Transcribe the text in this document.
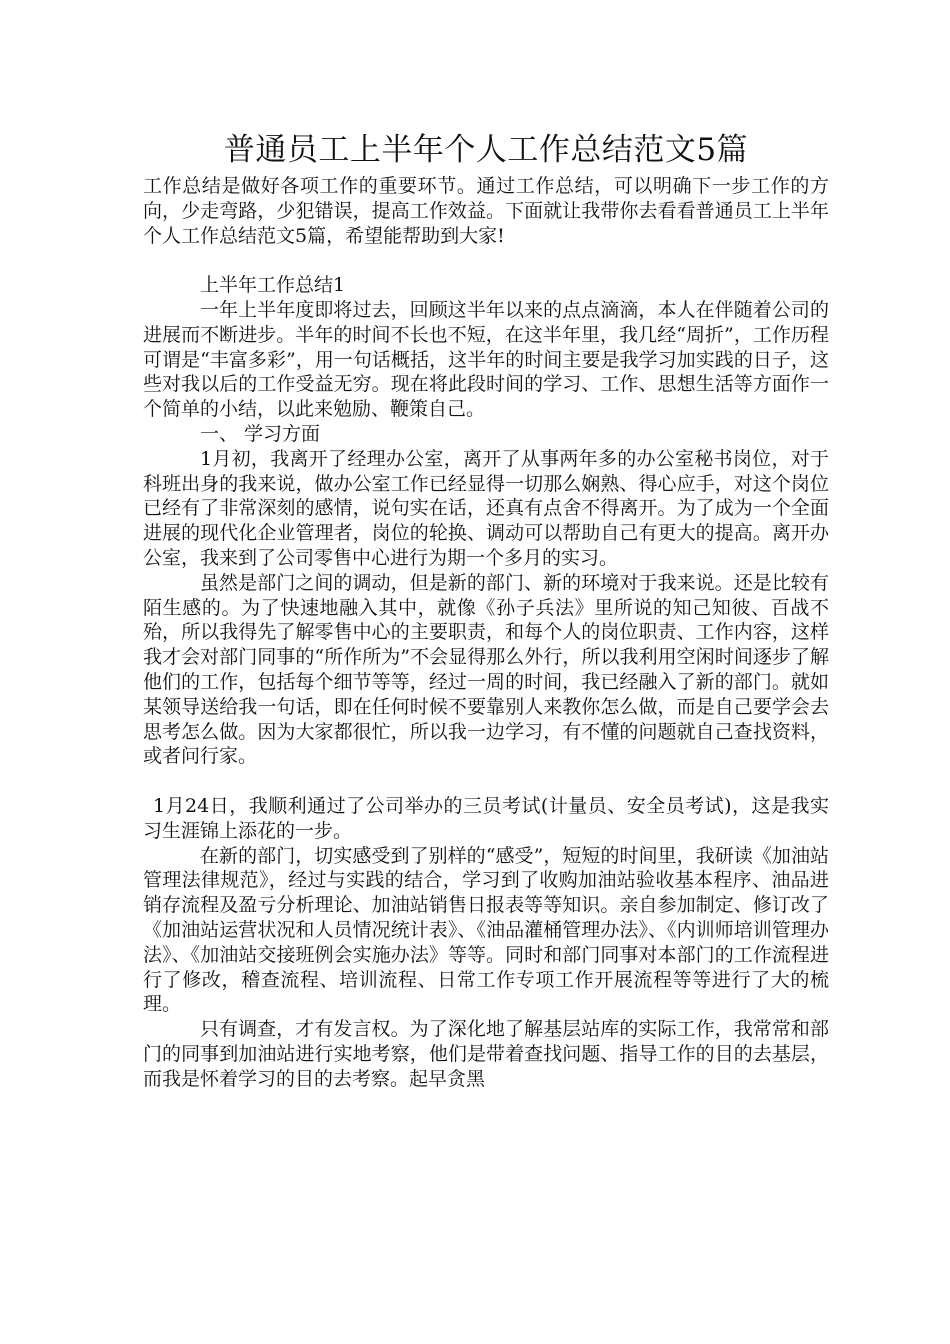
普通员工上半年个人工作总结范文5篇

工作总结是做好各项工作的重要环节。通过工作总结，可以明确下一步工作的方向，少走弯路，少犯错误，提高工作效益。下面就让我带你去看看普通员工上半年个人工作总结范文5篇，希望能帮助到大家!

上半年工作总结1

一年上半年度即将过去，回顾这半年以来的点点滴滴，本人在伴随着公司的进展而不断进步。半年的时间不长也不短，在这半年里，我几经“周折”，工作历程可谓是“丰富多彩”，用一句话概括，这半年的时间主要是我学习加实践的日子，这些对我以后的工作受益无穷。现在将此段时间的学习、工作、思想生活等方面作一个简单的小结，以此来勉励、鞭策自己。

一、 学习方面

1月初，我离开了经理办公室，离开了从事两年多的办公室秘书岗位，对于科班出身的我来说，做办公室工作已经显得一切那么娴熟、得心应手，对这个岗位已经有了非常深刻的感情，说句实在话，还真有点舍不得离开。为了成为一个全面进展的现代化企业管理者，岗位的轮换、调动可以帮助自己有更大的提高。离开办公室，我来到了公司零售中心进行为期一个多月的实习。

虽然是部门之间的调动，但是新的部门、新的环境对于我来说。还是比较有陌生感的。为了快速地融入其中，就像《孙子兵法》里所说的知己知彼、百战不殆，所以我得先了解零售中心的主要职责，和每个人的岗位职责、工作内容，这样我才会对部门同事的“所作所为”不会显得那么外行，所以我利用空闲时间逐步了解他们的工作，包括每个细节等等，经过一周的时间，我已经融入了新的部门。就如某领导送给我一句话，即在任何时候不要靠别人来教你怎么做，而是自己要学会去思考怎么做。因为大家都很忙，所以我一边学习，有不懂的问题就自己查找资料，或者问行家。

1月24日，我顺利通过了公司举办的三员考试(计量员、安全员考试)，这是我实习生涯锦上添花的一步。

在新的部门，切实感受到了别样的“感受”，短短的时间里，我研读《加油站管理法律规范》，经过与实践的结合，学习到了收购加油站验收基本程序、油品进销存流程及盈亏分析理论、加油站销售日报表等等知识。亲自参加制定、修订改了《加油站运营状况和人员情况统计表》、《油品灌桶管理办法》、《内训师培训管理办法》、《加油站交接班例会实施办法》等等。同时和部门同事对本部门的工作流程进行了修改，稽查流程、培训流程、日常工作专项工作开展流程等等进行了大的梳理。

只有调查，才有发言权。为了深化地了解基层站库的实际工作，我常常和部门的同事到加油站进行实地考察，他们是带着查找问题、指导工作的目的去基层，而我是怀着学习的目的去考察。起早贪黑
